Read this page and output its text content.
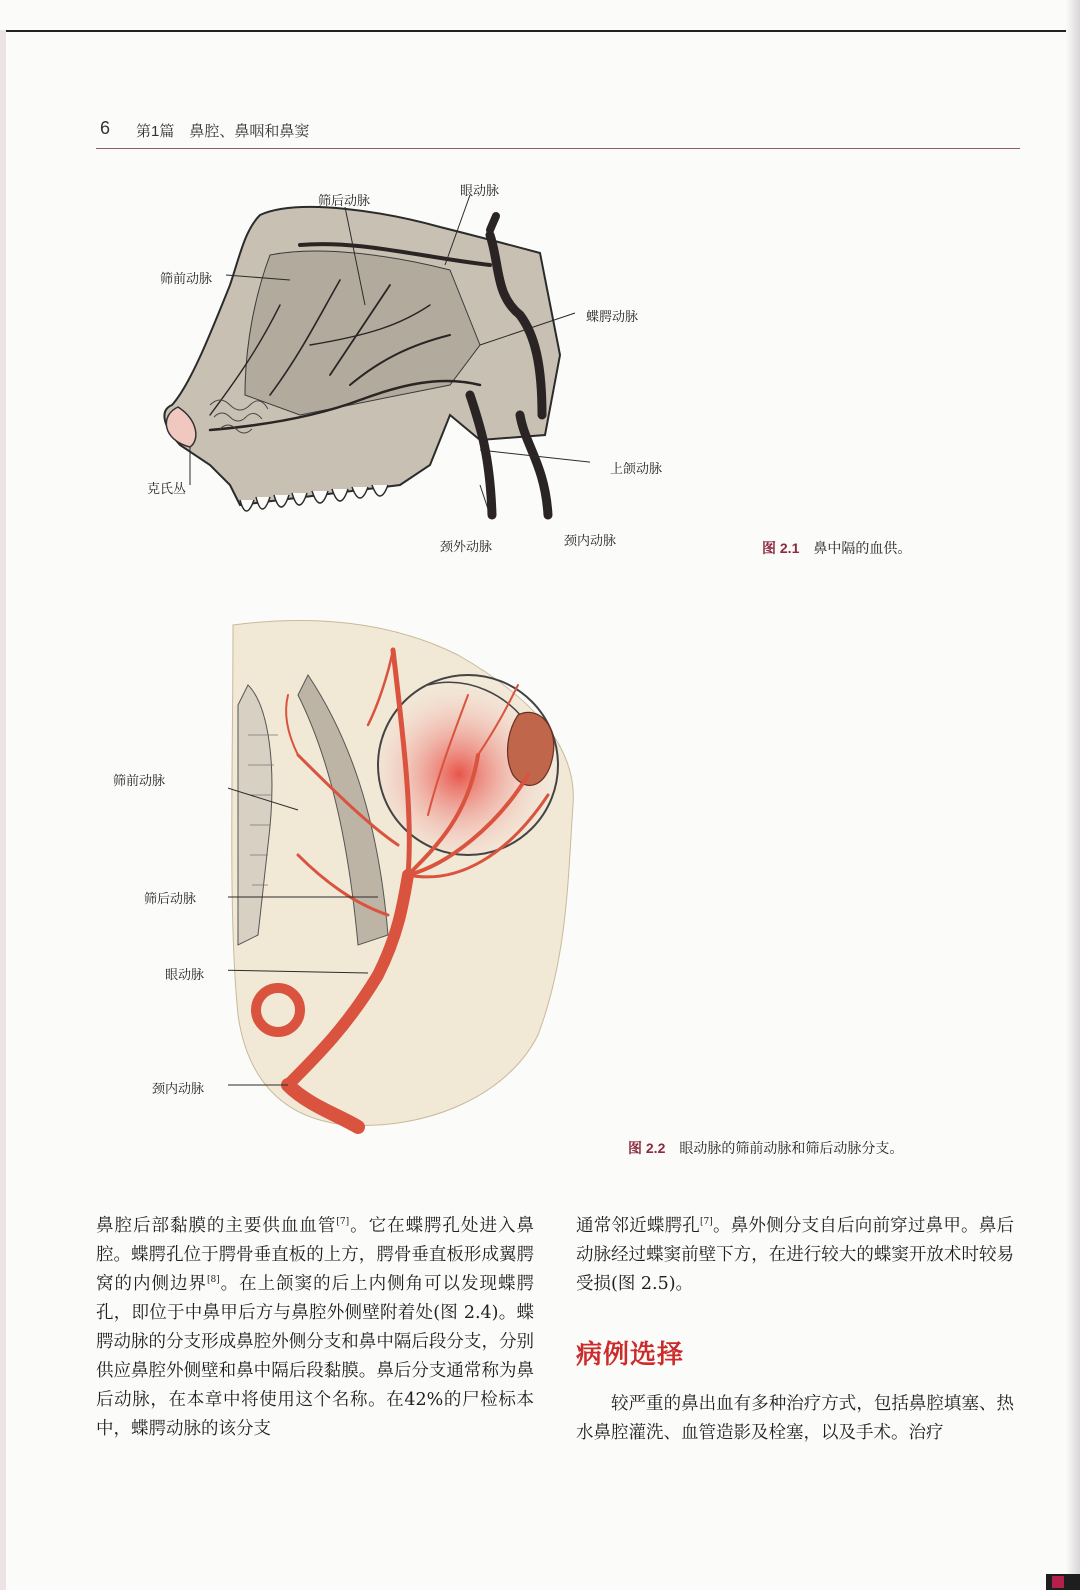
6 第1篇　鼻腔、鼻咽和鼻窦
筛后动脉
眼动脉
筛前动脉
蝶腭动脉
克氏丛
上颌动脉
颈外动脉	颈内动脉	图 2.1 鼻中隔的血供。
筛前动脉
筛后动脉
眼动脉
颈内动脉
图 2.2 眼动脉的筛前动脉和筛后动脉分支。

鼻腔后部黏膜的主要供血血管[7]。它在蝶腭孔处进入鼻腔。蝶腭孔位于腭骨垂直板的上方，腭骨垂直板形成翼腭窝的内侧边界[8]。在上颌窦的后上内侧角可以发现蝶腭孔，即位于中鼻甲后方与鼻腔外侧壁附着处(图 2.4)。蝶腭动脉的分支形成鼻腔外侧分支和鼻中隔后段分支，分别供应鼻腔外侧壁和鼻中隔后段黏膜。鼻后分支通常称为鼻后动脉，在本章中将使用这个名称。在42%的尸检标本中，蝶腭动脉的该分支

通常邻近蝶腭孔[7]。鼻外侧分支自后向前穿过鼻甲。鼻后动脉经过蝶窦前壁下方，在进行较大的蝶窦开放术时较易受损(图 2.5)。

病例选择

较严重的鼻出血有多种治疗方式，包括鼻腔填塞、热水鼻腔灌洗、血管造影及栓塞，以及手术。治疗
